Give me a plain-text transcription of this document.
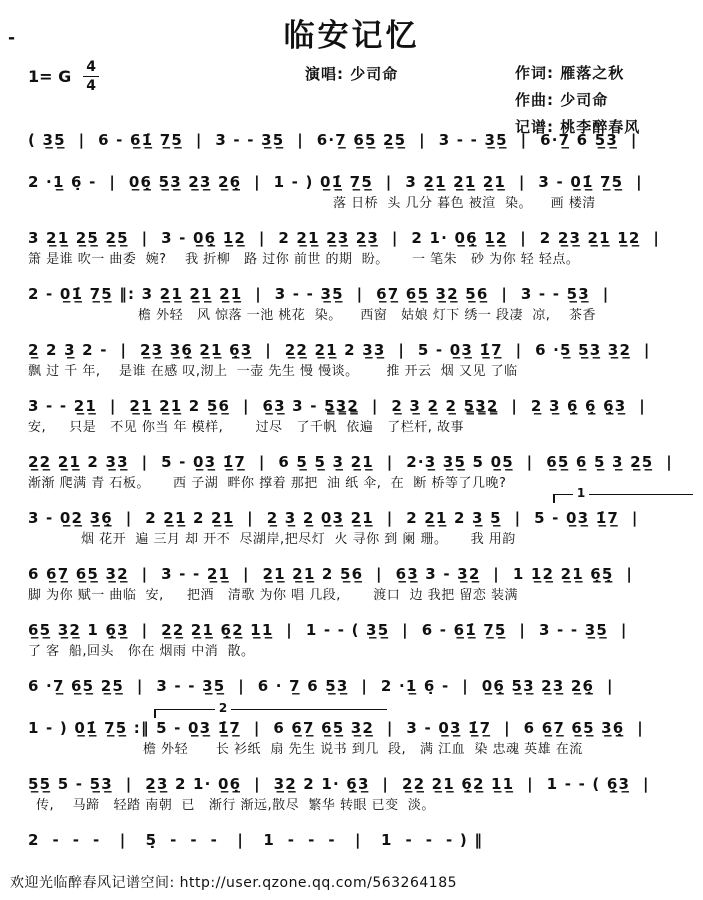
-	临安记忆
1= G $\frac{4}{4}$	演唱: 少司命	作词: 雁落之秋
作曲: 少司命
记谱: 桃李醉春风
( 3̲5̲  |  6 - 6̲1̲̇ 7̲5̲  |  3 - - 3̲5̲  |  6·7̲ 6̲5̲ 2̲5̲  |  3 - - 3̲5̲  |  6·7̲ 6 5̲3̲  |
2 ·1̲ 6̣ -  |  0̲6̣̲ 5̲3̲ 2̲3̲ 2̲6̣̲  |  1 - ) 0̲1̲̇ 7̲5̲  |  3 2̲1̲ 2̲1̲ 2̲1̲  |  3 - 0̲1̲̇ 7̲5̲  |
落 日桥  头 几分 暮色 被渲  染。    画 楼清
3 2̲1̲ 2̲5̲ 2̲5̲  |  3 - 0̲6̣̲ 1̲2̲  |  2 2̲1̲ 2̲3̲ 2̲3̲  |  2 1· 0̲6̣̲ 1̲2̲  |  2 2̲3̲ 2̲1̲ 1̲2̲  |
箫 是谁 吹一 曲委  婉?    我 折柳   路 过你 前世 的期  盼。     一 笔朱   砂 为你 轻 轻点。
2 - 0̲1̲̇ 7̲5̲ ‖: 3 2̲1̲ 2̲1̲ 2̲1̲  |  3 - - 3̲5̲  |  6̲7̲ 6̲5̲ 3̲2̲ 5̲6̲  |  3 - - 5̲3̲  |
檐 外轻   风 惊落 一池 桃花  染。    西窗   姑娘 灯下 绣一 段凄  凉,    茶香
2̲ 2 3̲ 2 -  |  2̲3̲ 3̲6̣̲ 2̲1̲ 6̣̲3̲  |  2̲2̲ 2̲1̲ 2 3̲3̲  |  5 - 0̲3̲ 1̲̇7̲  |  6 ·5̲ 5̲3̲ 3̲2̲  |
飘 过 千 年,    是谁 在感 叹,沏上  一壶 先生 慢 慢谈。      推 开云  烟 又见 了临
3 - - 2̲1̲  |  2̲1̲ 2̲1̲ 2 5̲6̲  |  6̲3̲ 3 - 5̳3̳2̳  |  2̲ 3̲ 2̲ 2̲ 5̳3̳2̳  |  2̲ 3̲ 6̣̲ 6̣̲ 6̣̲3̲  |
安,     只是   不见 你当 年 模样,       过尽   了千帆  依遍   了栏杆, 故事
2̲2̲ 2̲1̲ 2 3̲3̲  |  5 - 0̲3̲ 1̲̇7̲  |  6 5̲ 5̲ 3̲ 2̲1̲  |  2·3̲ 3̲5̲ 5 0̲5̲  |  6̲5̲ 6̲ 5̲ 3̲ 2̲5̲  |
渐渐 爬满 青 石板。     西 子湖  畔你 撑着 那把  油 纸 伞,  在  断 桥等了几晚?
1
3 - 0̲2̲ 3̲6̣̲  |  2 2̲1̲ 2 2̲1̲  |  2̲ 3̲ 2̲ 0̲3̲ 2̲1̲  |  2 2̲1̲ 2 3̲ 5̲  |  5 - 0̲3̲ 1̲̇7̲  |
烟 花开  遍 三月 却 开不  尽湖岸,把尽灯  火 寻你 到 阑 珊。     我 用韵
6 6̲7̲ 6̲5̲ 3̲2̲  |  3 - - 2̲1̲  |  2̲1̲ 2̲1̲ 2 5̲6̲  |  6̲3̲ 3 - 3̲2̲  |  1 1̲2̲ 2̲1̲ 6̣̲5̣̲  |
脚 为你 赋一 曲临  安,     把酒   清歌 为你 唱 几段,       渡口  边 我把 留恋 装满
6̲5̲ 3̲2̲ 1 6̣̲3̲  |  2̲2̲ 2̲1̲ 6̣̲2̲ 1̲1̲  |  1 - - ( 3̲5̲  |  6 - 6̲1̲̇ 7̲5̲  |  3 - - 3̲5̲  |
了 客  船,回头   你在 烟雨 中消  散。
6 ·7̲ 6̲5̲ 2̲5̲  |  3 - - 3̲5̲  |  6 · 7̲ 6 5̲3̲  |  2 ·1̲ 6̣ -  |  0̲6̣̲ 5̲3̲ 2̲3̲ 2̲6̣̲  |
2
1 - ) 0̲1̲̇ 7̲5̲ :‖ 5 - 0̲3̲ 1̲̇7̲  |  6 6̲7̲ 6̲5̲ 3̲2̲  |  3 - 0̲3̲ 1̲̇7̲  |  6 6̲7̲ 6̲5̲ 3̲6̣̲  |
檐 外轻      长 衫纸  扇 先生 说书 到几  段,   满 江血  染 忠魂 英雄 在流
5̲5̲ 5 - 5̲3̲  |  2̲3̲ 2 1· 0̲6̣̲  |  3̲2̲ 2 1· 6̣̲3̲  |  2̲2̲ 2̲1̲ 6̣̲2̲ 1̲1̲  |  1 - - ( 6̣̲3̲  |
传,    马蹄   轻踏 南朝  已   渐行 渐远,散尽  繁华 转眼 已变  淡。
2  -  -  -   |   5̣  -  -  -   |   1  -  -  -   |   1  -  -  - ) ‖
欢迎光临醉春风记谱空间: http://user.qzone.qq.com/563264185
